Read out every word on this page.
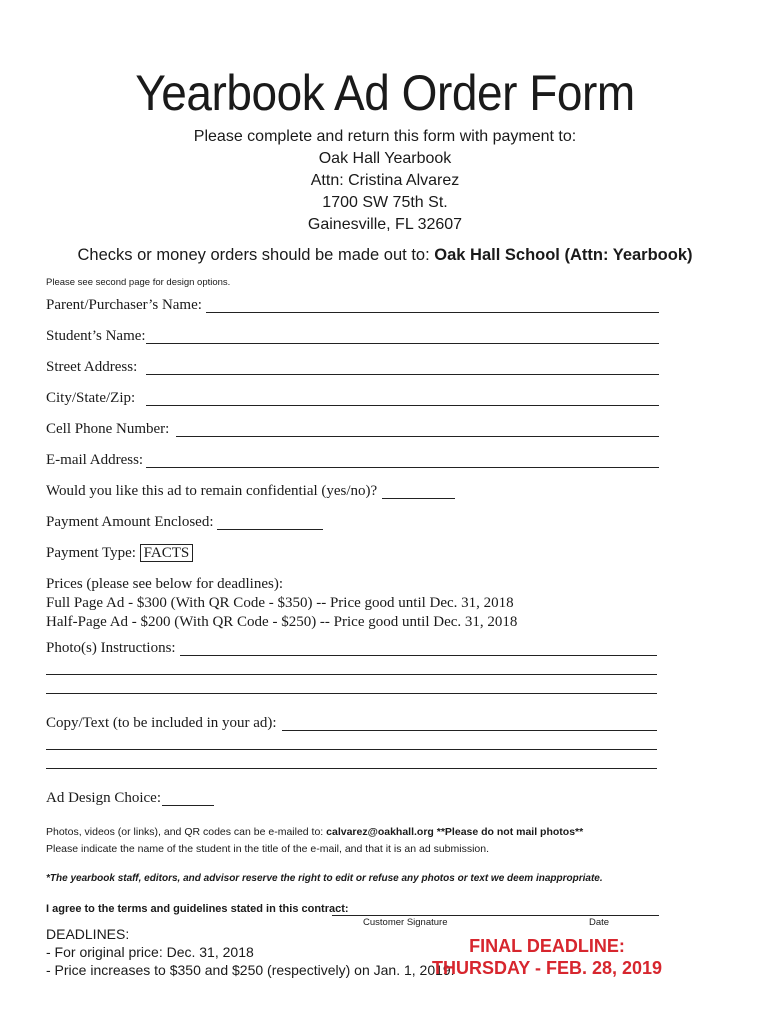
Yearbook Ad Order Form
Please complete and return this form with payment to:
Oak Hall Yearbook
Attn: Cristina Alvarez
1700 SW 75th St.
Gainesville, FL 32607
Checks or money orders should be made out to: Oak Hall School (Attn: Yearbook)
Please see second page for design options.
Parent/Purchaser’s Name:
Student’s Name:
Street Address:
City/State/Zip:
Cell Phone Number:
E-mail Address:
Would you like this ad to remain confidential (yes/no)?
Payment Amount Enclosed:
Payment Type: FACTS
Prices (please see below for deadlines):
Full Page Ad - $300 (With QR Code - $350) -- Price good until Dec. 31, 2018
Half-Page Ad - $200 (With QR Code - $250) -- Price good until Dec. 31, 2018
Photo(s) Instructions:
Copy/Text (to be included in your ad):
Ad Design Choice:
Photos, videos (or links), and QR codes can be e-mailed to: calvarez@oakhall.org **Please do not mail photos**
Please indicate the name of the student in the title of the e-mail, and that it is an ad submission.
*The yearbook staff, editors, and advisor reserve the right to edit or refuse any photos or text we deem inappropriate.
I agree to the terms and guidelines stated in this contract:
Customer Signature	Date
DEADLINES:
- For original price: Dec. 31, 2018
- Price increases to $350 and $250 (respectively) on Jan. 1, 2019.
FINAL DEADLINE:
THURSDAY - FEB. 28, 2019
